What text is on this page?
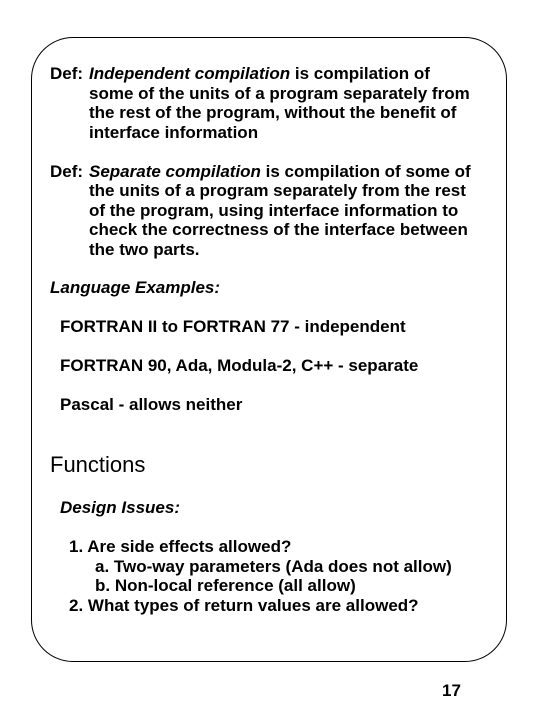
Def: Independent compilation is compilation of
some of the units of a program separately from
the rest of the program, without the benefit of
interface information
Def: Separate compilation is compilation of some of
the units of a program separately from the rest
of the program, using interface information to
check the correctness of the interface between
the two parts.
Language Examples:
FORTRAN II to FORTRAN 77 - independent
FORTRAN 90, Ada, Modula-2, C++ - separate
Pascal - allows neither
Functions
Design Issues:
1. Are side effects allowed?
a. Two-way parameters (Ada does not allow)
b. Non-local reference (all allow)
2. What types of return values are allowed?
17
